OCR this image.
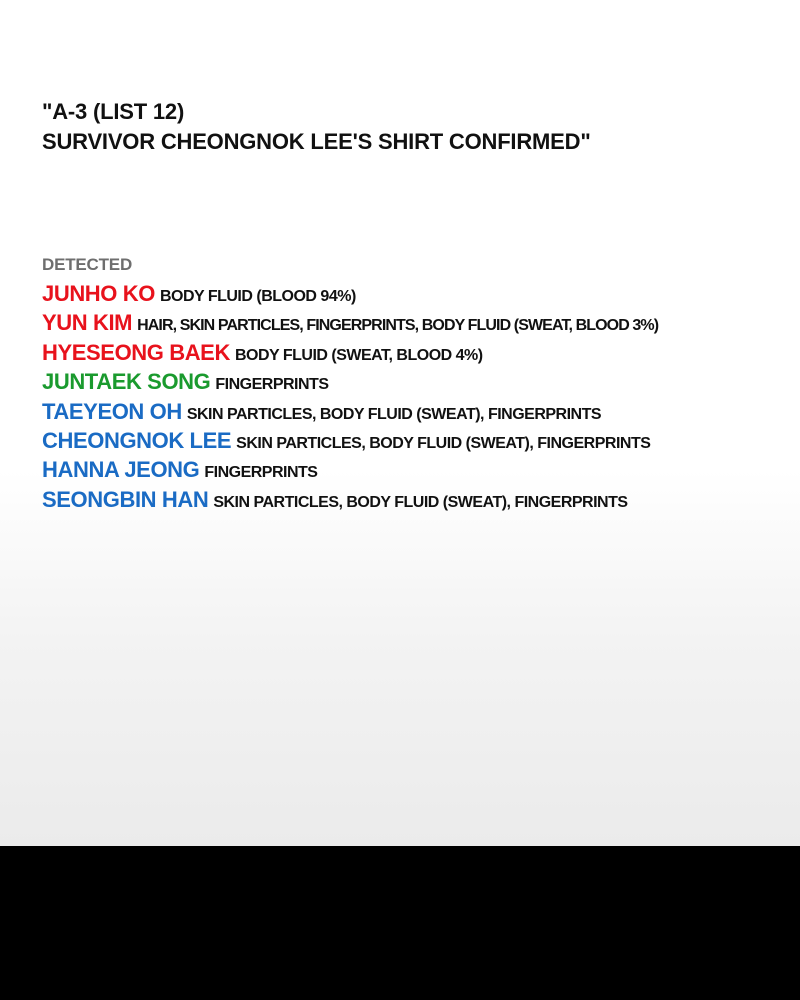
"A-3 (LIST 12)
SURVIVOR CHEONGNOK LEE'S SHIRT CONFIRMED"
DETECTED
JUNHO KO BODY FLUID (BLOOD 94%)
YUN KIM HAIR, SKIN PARTICLES, FINGERPRINTS, BODY FLUID (SWEAT, BLOOD 3%)
HYESEONG BAEK BODY FLUID (SWEAT, BLOOD 4%)
JUNTAEK SONG FINGERPRINTS
TAEYEON OH SKIN PARTICLES, BODY FLUID (SWEAT), FINGERPRINTS
CHEONGNOK LEE SKIN PARTICLES, BODY FLUID (SWEAT), FINGERPRINTS
HANNA JEONG FINGERPRINTS
SEONGBIN HAN SKIN PARTICLES, BODY FLUID (SWEAT), FINGERPRINTS
